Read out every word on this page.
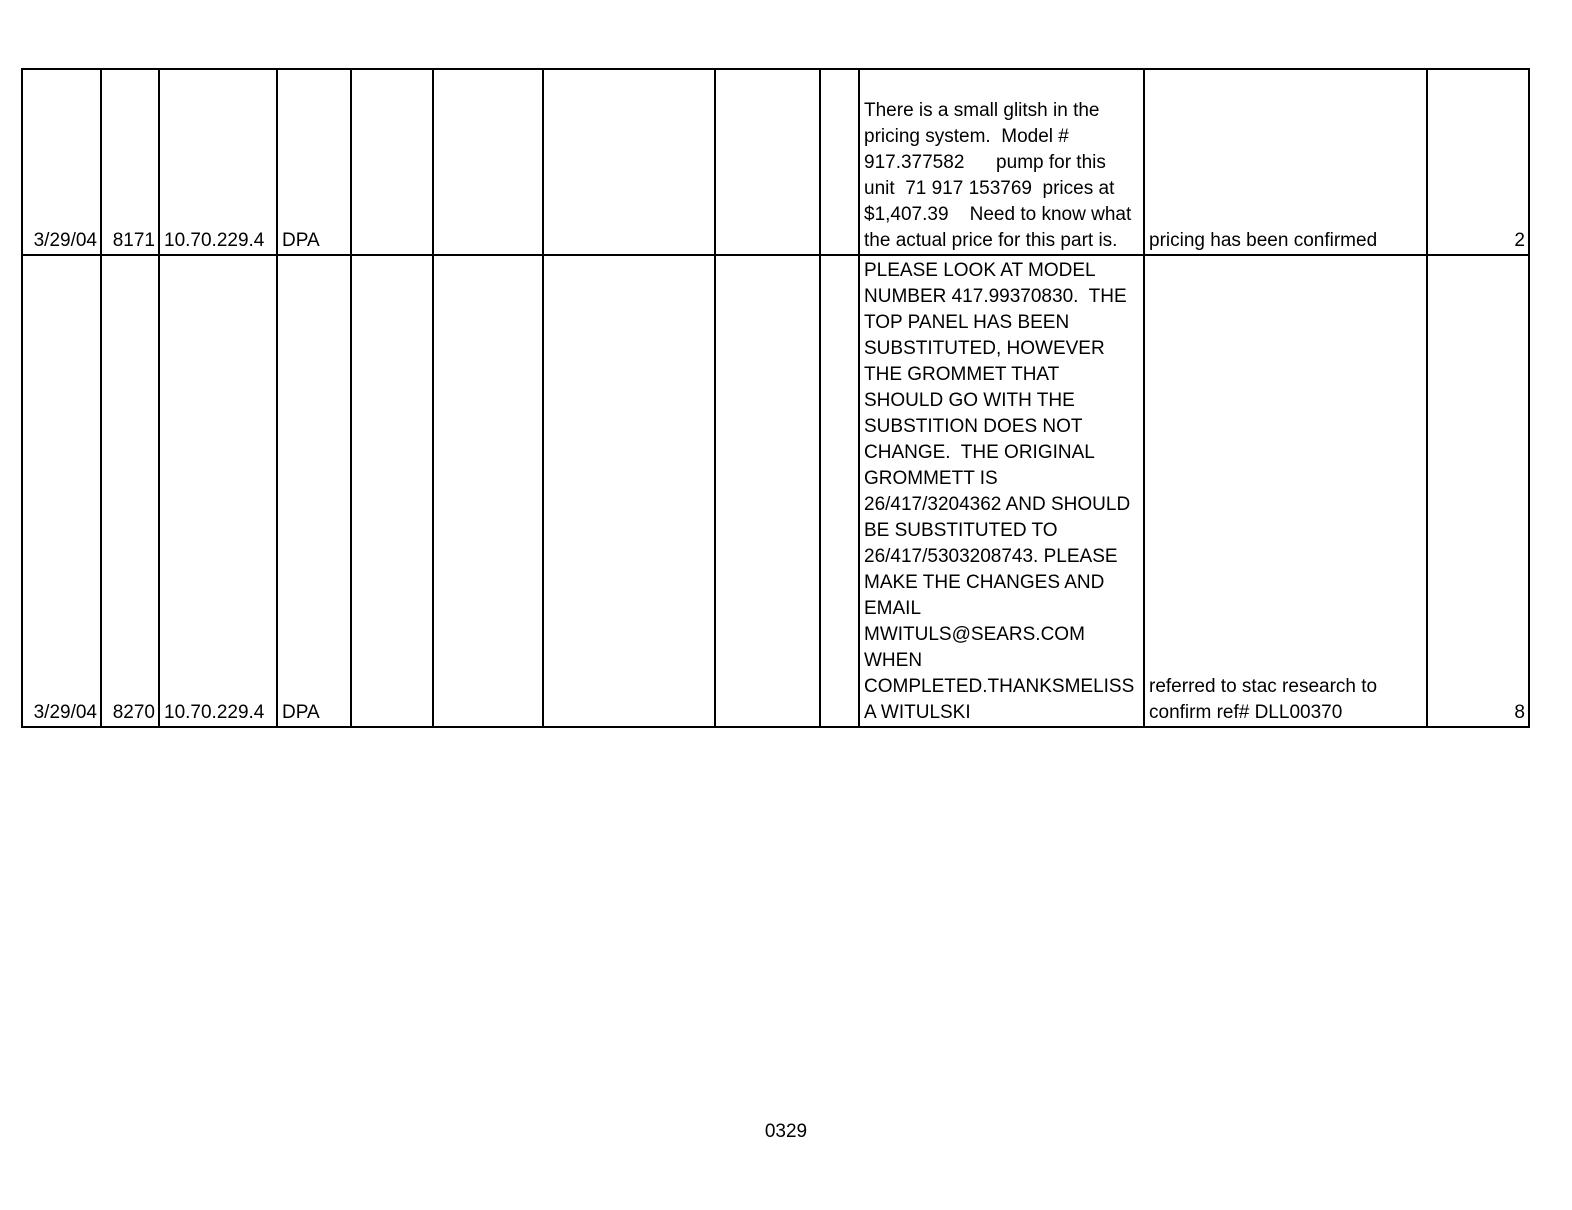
3/29/04	8171	10.70.229.4	DPA						There is a small glitsh in the pricing system.  Model # 917.377582      pump for this unit  71 917 153769  prices at $1,407.39    Need to know what the actual price for this part is.	pricing has been confirmed	2
3/29/04	8270	10.70.229.4	DPA						PLEASE LOOK AT MODEL NUMBER 417.99370830.  THE TOP PANEL HAS BEEN SUBSTITUTED, HOWEVER THE GROMMET THAT SHOULD GO WITH THE SUBSTITION DOES NOT CHANGE.  THE ORIGINAL GROMMETT IS 26/417/3204362 AND SHOULD BE SUBSTITUTED TO 26/417/5303208743. PLEASE MAKE THE CHANGES AND EMAIL MWITULS@SEARS.COM WHEN COMPLETED.THANKSMELISSA WITULSKI	referred to stac research to confirm ref# DLL00370	8
0329
